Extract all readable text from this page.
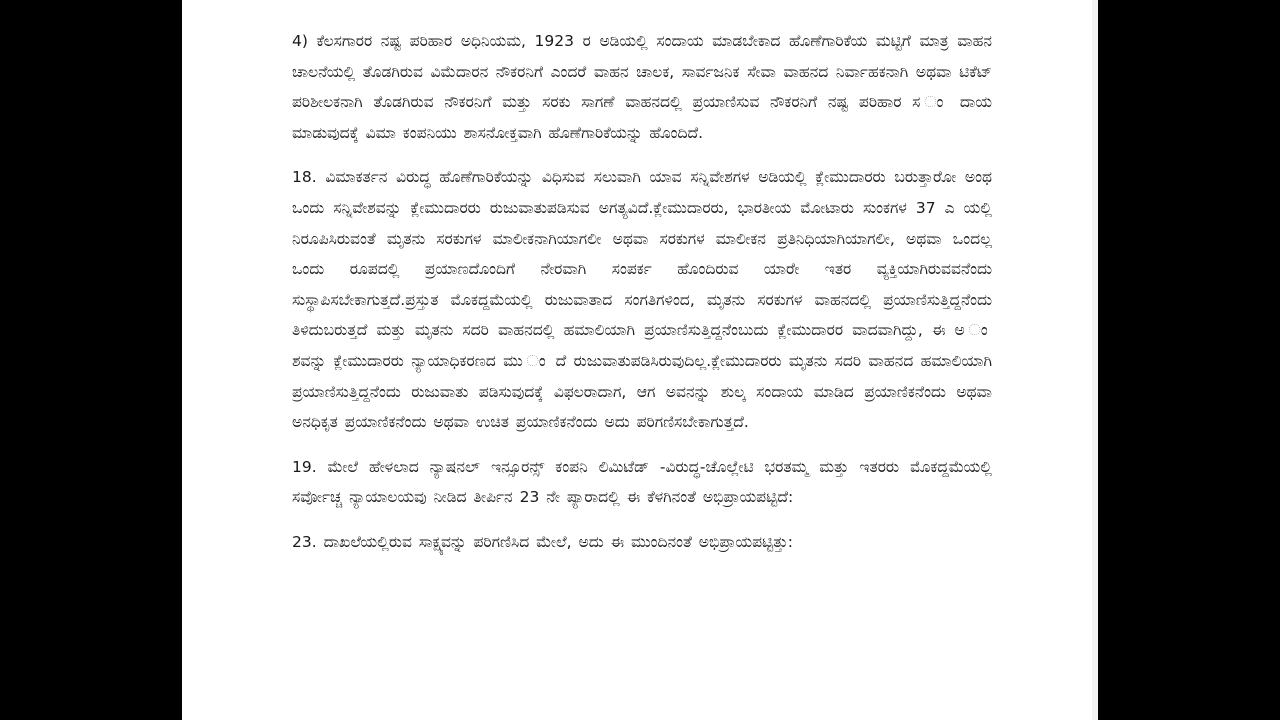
4) ಕೆಲಸಗಾರರ ನಷ್ಟ ಪರಿಹಾರ ಅಧಿನಿಯಮ, 1923 ರ ಅಡಿಯಲ್ಲಿ ಸಂದಾಯ ಮಾಡಬೇಕಾದ ಹೊಣೆಗಾರಿಕೆಯ ಮಟ್ಟಿಗೆ ಮಾತ್ರ ವಾಹನ ಚಾಲನೆಯಲ್ಲಿ ತೊಡಗಿರುವ ವಿಮೆದಾರನ ನೌಕರನಿಗೆ ಎಂದರೆ ವಾಹನ ಚಾಲಕ, ಸಾರ್ವಜನಿಕ ಸೇವಾ ವಾಹನದ ನಿರ್ವಾಹಕನಾಗಿ ಅಥವಾ ಟಿಕೆಟ್ ಪರಿಶೀಲಕನಾಗಿ ತೊಡಗಿರುವ ನೌಕರನಿಗೆ ಮತ್ತು ಸರಕು ಸಾಗಣೆ ವಾಹನದಲ್ಲಿ ಪ್ರಯಾಣಿಸುವ ನೌಕರನಿಗೆ ನಷ್ಟ ಪರಿಹಾರ ಸ ಂ ದಾಯ ಮಾಡುವುದಕ್ಕೆ ವಿಮಾ ಕಂಪನಿಯು ಶಾಸನೋಕ್ತವಾಗಿ ಹೊಣೆಗಾರಿಕೆಯನ್ನು ಹೊಂದಿದೆ.

18. ವಿಮಾಕರ್ತನ ವಿರುದ್ಧ ಹೊಣೆಗಾರಿಕೆಯನ್ನು ವಿಧಿಸುವ ಸಲುವಾಗಿ ಯಾವ ಸನ್ನಿವೇಶಗಳ ಅಡಿಯಲ್ಲಿ ಕ್ಲೇಮುದಾರರು ಬರುತ್ತಾರೋ ಅಂಥ ಒಂದು ಸನ್ನಿವೇಶವನ್ನು ಕ್ಲೇಮುದಾರರು ರುಜುವಾತುಪಡಿಸುವ ಅಗತ್ಯವಿದೆ.ಕ್ಲೇಮುದಾರರು, ಭಾರತೀಯ ಮೋಟಾರು ಸುಂಕಗಳ 37 ಎ ಯಲ್ಲಿ ನಿರೂಪಿಸಿರುವಂತೆ ಮೃತನು ಸರಕುಗಳ ಮಾಲೀಕನಾಗಿಯಾಗಲೀ ಅಥವಾ ಸರಕುಗಳ ಮಾಲೀಕನ ಪ್ರತಿನಿಧಿಯಾಗಿಯಾಗಲೀ, ಅಥವಾ ಒಂದಲ್ಲ ಒಂದು ರೂಪದಲ್ಲಿ ಪ್ರಯಾಣದೊಂದಿಗೆ ನೇರವಾಗಿ ಸಂಪರ್ಕ ಹೊಂದಿರುವ ಯಾರೇ ಇತರ ವ್ಯಕ್ತಿಯಾಗಿರುವವನೆಂದು ಸುಸ್ಥಾಪಿಸಬೇಕಾಗುತ್ತದೆ.ಪ್ರಸ್ತುತ ಮೊಕದ್ದಮೆಯಲ್ಲಿ ರುಜುವಾತಾದ ಸಂಗತಿಗಳಿಂದ, ಮೃತನು ಸರಕುಗಳ ವಾಹನದಲ್ಲಿ ಪ್ರಯಾಣಿಸುತ್ತಿದ್ದನೆಂದು ತಿಳಿದುಬರುತ್ತದೆ ಮತ್ತು ಮೃತನು ಸದರಿ ವಾಹನದಲ್ಲಿ ಹಮಾಲಿಯಾಗಿ ಪ್ರಯಾಣಿಸುತ್ತಿದ್ದನೆಂಬುದು ಕ್ಲೇಮುದಾರರ ವಾದವಾಗಿದ್ದು, ಈ ಅ ಂ ಶವನ್ನು ಕ್ಲೇಮುದಾರರು ನ್ಯಾಯಾಧಿಕರಣದ ಮು ಂ ದೆ ರುಜುವಾತುಪಡಿಸಿರುವುದಿಲ್ಲ.ಕ್ಲೇಮುದಾರರು ಮೃತನು ಸದರಿ ವಾಹನದ ಹಮಾಲಿಯಾಗಿ ಪ್ರಯಾಣಿಸುತ್ತಿದ್ದನೆಂದು ರುಜುವಾತು ಪಡಿಸುವುದಕ್ಕೆ ವಿಫಲರಾದಾಗ, ಆಗ ಅವನನ್ನು ಶುಲ್ಕ ಸಂದಾಯ ಮಾಡಿದ ಪ್ರಯಾಣಿಕನೆಂದು ಅಥವಾ ಅನಧಿಕೃತ ಪ್ರಯಾಣಿಕನೆಂದು ಅಥವಾ ಉಚಿತ ಪ್ರಯಾಣಿಕನೆಂದು ಅದು ಪರಿಗಣಿಸಬೇಕಾಗುತ್ತದೆ.

19. ಮೇಲೆ ಹೇಳಲಾದ ನ್ಯಾಷನಲ್ ಇನ್ಸೂರನ್ಸ್ ಕಂಪನಿ ಲಿಮಿಟೆಡ್ -ವಿರುದ್ಧ-ಚೊಲ್ಲೇಟಿ ಭರತಮ್ಮ ಮತ್ತು ಇತರರು ಮೊಕದ್ದಮೆಯಲ್ಲಿ ಸರ್ವೋಚ್ಚ ನ್ಯಾಯಾಲಯವು ನೀಡಿದ ತೀರ್ಪಿನ 23 ನೇ ಪ್ಯಾರಾದಲ್ಲಿ ಈ ಕೆಳಗಿನಂತೆ ಅಭಿಪ್ರಾಯಪಟ್ಟಿದೆ:

23. ದಾಖಲೆಯಲ್ಲಿರುವ ಸಾಕ್ಷ್ಯವನ್ನು ಪರಿಗಣಿಸಿದ ಮೇಲೆ, ಅದು ಈ ಮುಂದಿನಂತೆ ಅಭಿಪ್ರಾಯಪಟ್ಟಿತ್ತು:
